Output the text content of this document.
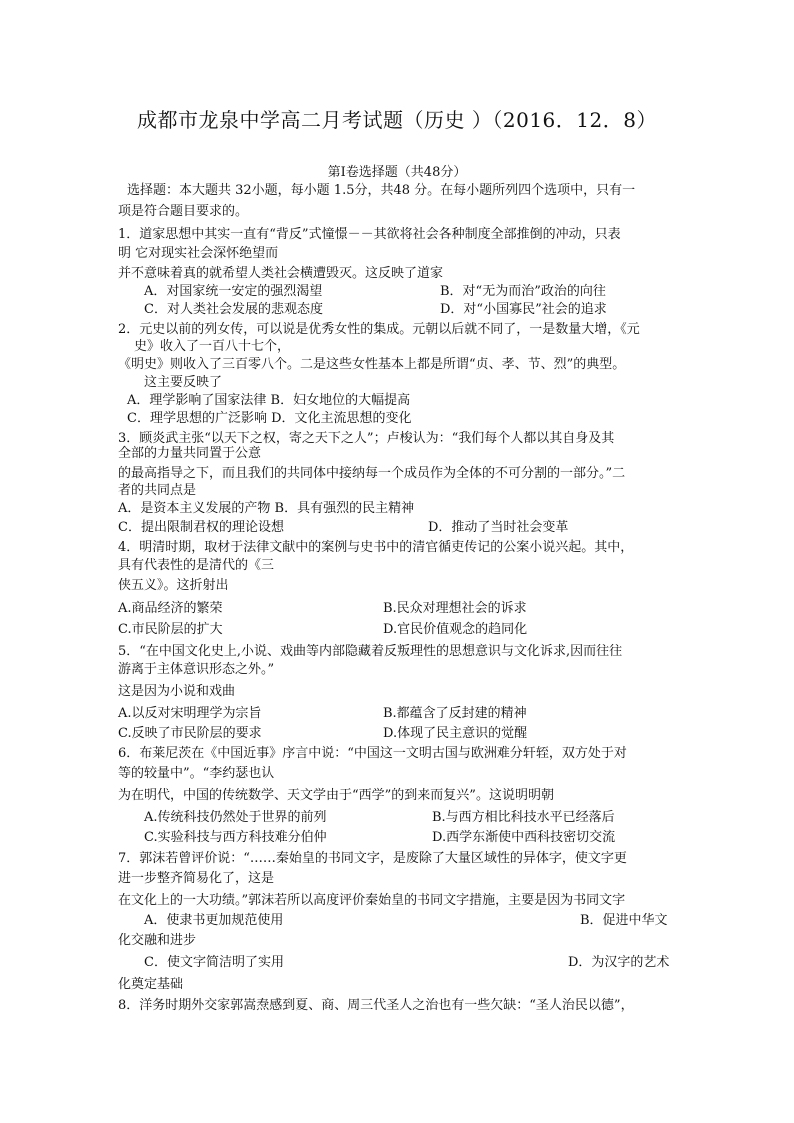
成都市龙泉中学高二月考试题（历史 ）（2016．12．8）
第Ⅰ卷选择题（共48分）
选择题：本大题共 32小题，每小题 1.5分，共48 分。在每小题所列四个选项中，只有一
项是符合题目要求的。
1．道家思想中其实一直有“背反”式憧憬－－其欲将社会各种制度全部推倒的冲动，只表
明 它对现实社会深怀绝望而
并不意味着真的就希望人类社会横遭毁灭。这反映了道家
A．对国家统一安定的强烈渴望	B．对“无为而治”政治的向往
C．对人类社会发展的悲观态度	D．对“小国寡民”社会的追求
2．元史以前的列女传，可以说是优秀女性的集成。元朝以后就不同了，一是数量大增，《元
史》收入了一百八十七个，
《明史》则收入了三百零八个。二是这些女性基本上都是所谓“贞、孝、节、烈”的典型。
这主要反映了
A．理学影响了国家法律 B．妇女地位的大幅提高
C．理学思想的广泛影响 D．文化主流思想的变化
3．顾炎武主张“以天下之权，寄之天下之人”；卢梭认为：“我们每个人都以其自身及其
全部的力量共同置于公意
的最高指导之下，而且我们的共同体中接纳每一个成员作为全体的不可分割的一部分。”二
者的共同点是
A．是资本主义发展的产物 B．具有强烈的民主精神
C．提出限制君权的理论设想	D．推动了当时社会变革
4．明清时期，取材于法律文献中的案例与史书中的清官循吏传记的公案小说兴起。其中，
具有代表性的是清代的《三
侠五义》。这折射出
A.商品经济的繁荣	B.民众对理想社会的诉求
C.市民阶层的扩大	D.官民价值观念的趋同化
5．“在中国文化史上,小说、戏曲等内部隐藏着反叛理性的思想意识与文化诉求,因而往往
游离于主体意识形态之外。”
这是因为小说和戏曲
A.以反对宋明理学为宗旨	B.都蕴含了反封建的精神
C.反映了市民阶层的要求	D.体现了民主意识的觉醒
6．布莱尼茨在《中国近事》序言中说：“中国这一文明古国与欧洲难分轩轾，双方处于对
等的较量中”。“李约瑟也认
为在明代，中国的传统数学、天文学由于“西学”的到来而复兴”。这说明明朝
A.传统科技仍然处于世界的前列	B.与西方相比科技水平已经落后
C.实验科技与西方科技难分伯仲	D.西学东渐使中西科技密切交流
7．郭沫若曾评价说：“……秦始皇的书同文字，是废除了大量区域性的异体字，使文字更
进一步整齐简易化了，这是
在文化上的一大功绩。”郭沫若所以高度评价秦始皇的书同文字措施，主要是因为书同文字
A．使隶书更加规范使用	B．促进中华文
化交融和进步
C．使文字简洁明了实用	D．为汉字的艺术
化奠定基础
8．洋务时期外交家郭嵩焘感到夏、商、周三代圣人之治也有一些欠缺：“圣人治民以德”，
